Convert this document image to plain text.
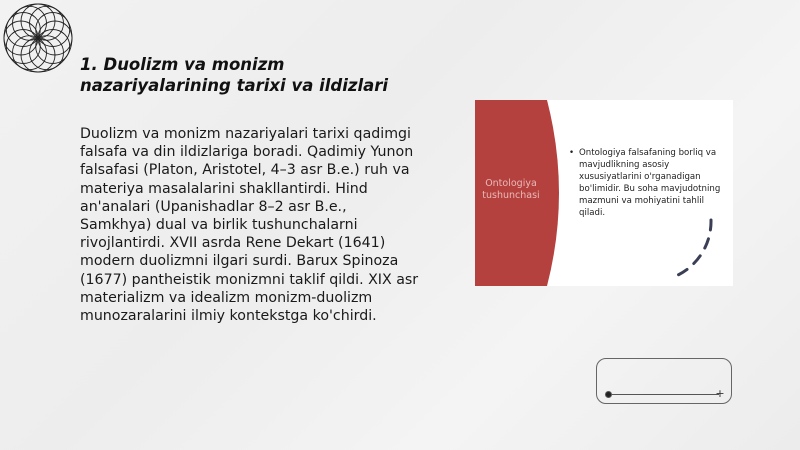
1. Duolizm va monizm
nazariyalarining tarixi va ildizlari
Duolizm va monizm nazariyalari tarixi qadimgi falsafa va din ildizlariga boradi. Qadimiy Yunon falsafasi (Platon, Aristotel, 4–3 asr B.e.) ruh va materiya masalalarini shakllantirdi. Hind an'analari (Upanishadlar 8–2 asr B.e., Samkhya) dual va birlik tushunchalarni rivojlantirdi. XVII asrda Rene Dekart (1641) modern duolizmni ilgari surdi. Barux Spinoza (1677) pantheistik monizmni taklif qildi. XIX asr materializm va idealizm monizm-duolizm munozaralarini ilmiy kontekstga ko'chirdi.
Ontologiya
tushunchasi
• Ontologiya falsafaning borliq va mavjudlikning asosiy xususiyatlarini o'rganadigan bo'limidir. Bu soha mavjudotning mazmuni va mohiyatini tahlil qiladi.
+
